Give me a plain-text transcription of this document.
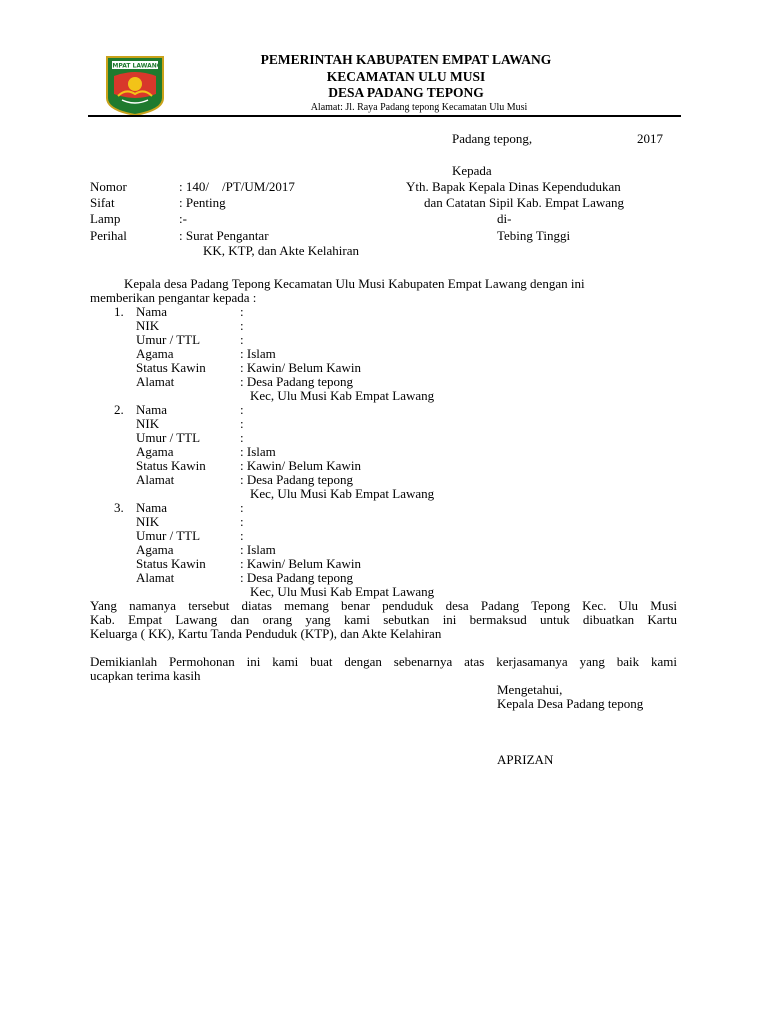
EMPAT LAWANG	PEMERINTAH KABUPATEN EMPAT LAWANG
KECAMATAN ULU MUSI
DESA PADANG TEPONG
Alamat: Jl. Raya Padang tepong Kecamatan Ulu Musi
Padang tepong,	2017
Kepada
Yth. Bapak Kepala Dinas Kependudukan
dan Catatan Sipil Kab. Empat Lawang
di-
Tebing Tinggi
Nomor	: 140/    /PT/UM/2017
Sifat	: Penting
Lamp	:-
Perihal	: Surat Pengantar
KK, KTP, dan Akte Kelahiran
Kepala desa Padang Tepong Kecamatan Ulu Musi Kabupaten Empat Lawang dengan ini
memberikan pengantar kepada :
1. Nama	:
NIK	:
Umur / TTL	:
Agama	: Islam
Status Kawin	: Kawin/ Belum Kawin
Alamat	: Desa Padang tepong
Kec, Ulu Musi Kab Empat Lawang
2. Nama	:
NIK	:
Umur / TTL	:
Agama	: Islam
Status Kawin	: Kawin/ Belum Kawin
Alamat	: Desa Padang tepong
Kec, Ulu Musi Kab Empat Lawang
3. Nama	:
NIK	:
Umur / TTL	:
Agama	: Islam
Status Kawin	: Kawin/ Belum Kawin
Alamat	: Desa Padang tepong
Kec, Ulu Musi Kab Empat Lawang
Yang namanya tersebut diatas memang benar penduduk desa Padang Tepong Kec. Ulu Musi
Kab. Empat Lawang dan orang yang kami sebutkan ini bermaksud untuk dibuatkan Kartu
Keluarga ( KK), Kartu Tanda Penduduk (KTP), dan Akte Kelahiran
Demikianlah Permohonan ini kami buat dengan sebenarnya atas kerjasamanya yang baik kami
ucapkan terima kasih
Mengetahui,
Kepala Desa Padang tepong
APRIZAN
